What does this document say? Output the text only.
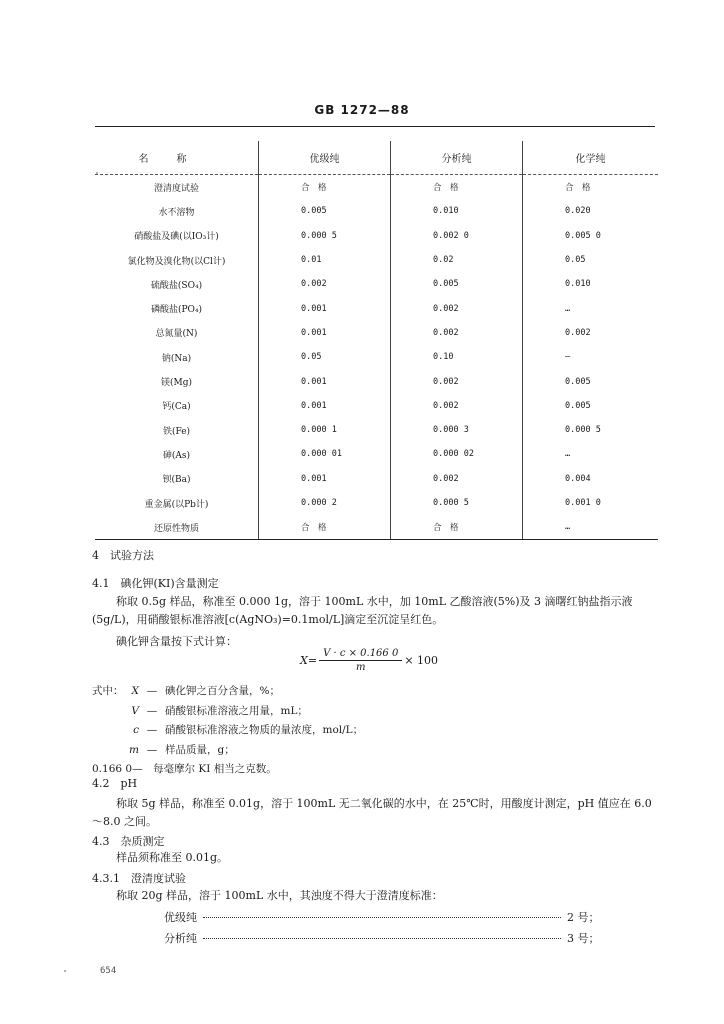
GB 1272—88
名称	优级纯	分析纯	化学纯
澄清度试验	合　格	合　格	合　格
水不溶物	0.005	0.010	0.020
硝酸盐及碘(以IO₃计)	0.000 5	0.002 0	0.005 0
氯化物及溴化物(以Cl计)	0.01	0.02	0.05
硫酸盐(SO₄)	0.002	0.005	0.010
磷酸盐(PO₄)	0.001	0.002	…
总氮量(N)	0.001	0.002	0.002
钠(Na)	0.05	0.10	—
镁(Mg)	0.001	0.002	0.005
钙(Ca)	0.001	0.002	0.005
铁(Fe)	0.000 1	0.000 3	0.000 5
砷(As)	0.000 01	0.000 02	…
钡(Ba)	0.001	0.002	0.004
重金属(以Pb计)	0.000 2	0.000 5	0.001 0
还原性物质	合　格	合　格	…
4　试验方法
4.1　碘化钾(KI)含量测定
称取 0.5g 样品，称准至 0.000 1g，溶于 100mL 水中，加 10mL 乙酸溶液(5%)及 3 滴曙红钠盐指示液(5g/L)，用硝酸银标准溶液[c(AgNO₃)=0.1mol/L]滴定至沉淀呈红色。
碘化钾含量按下式计算：
$X= \frac{V \cdot c \times 0.166 0}{m} \times 100$
式中： X — 碘化钾之百分含量，%；
V — 硝酸银标准溶液之用量，mL；
c — 硝酸银标准溶液之物质的量浓度，mol/L；
m — 样品质量，g；
0.166 0—　每毫摩尔 KI 相当之克数。
4.2　pH
称取 5g 样品，称准至 0.01g，溶于 100mL 无二氧化碳的水中，在 25℃时，用酸度计测定，pH 值应在 6.0～8.0 之间。
4.3　杂质测定
样品须称准至 0.01g。
4.3.1　澄清度试验
称取 20g 样品，溶于 100mL 水中，其浊度不得大于澄清度标准：
优级纯	2 号；
分析纯	3 号；
654
